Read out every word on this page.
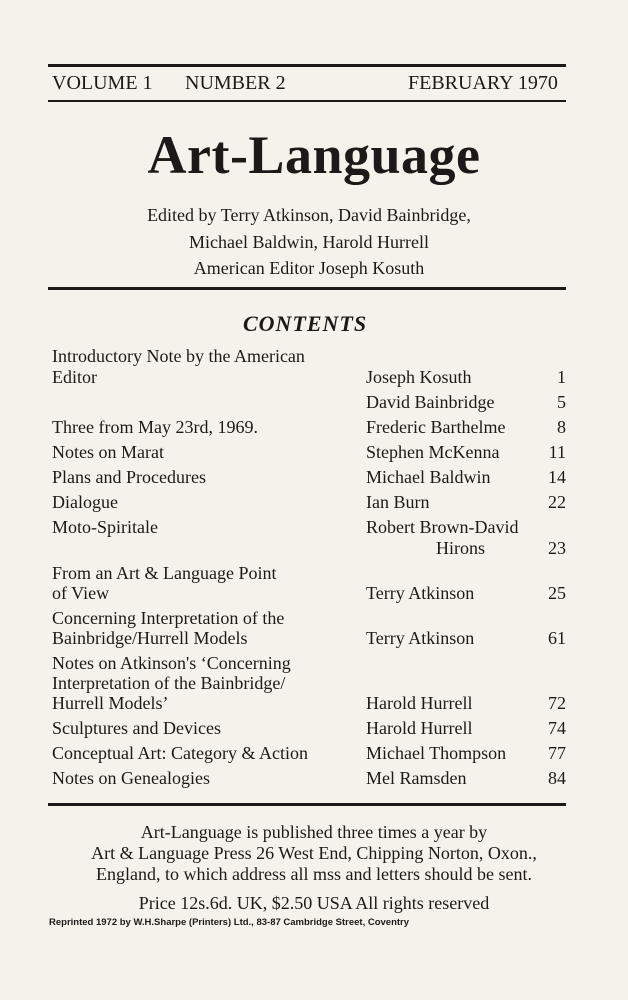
VOLUME 1 NUMBER 2	FEBRUARY 1970
Art-Language
Edited by Terry Atkinson, David Bainbridge,
Michael Baldwin, Harold Hurrell
American Editor Joseph Kosuth
CONTENTS
Introductory Note by the American
Editor
Three from May 23rd, 1969.
Notes on Marat
Plans and Procedures
Dialogue
Moto-Spiritale
From an Art & Language Point
of View
Concerning Interpretation of the
Bainbridge/Hurrell Models
Notes on Atkinson's ‘Concerning
Interpretation of the Bainbridge/
Hurrell Models’
Sculptures and Devices
Conceptual Art: Category & Action
Notes on Genealogies
Joseph Kosuth
David Bainbridge
Frederic Barthelme
Stephen McKenna
Michael Baldwin
Ian Burn
Robert Brown-David
Hirons
Terry Atkinson
Terry Atkinson
Harold Hurrell
Harold Hurrell
Michael Thompson
Mel Ramsden
1
5
8
11
14
22
23
25
61
72
74
77
84
Art-Language is published three times a year by
Art & Language Press 26 West End, Chipping Norton, Oxon.,
England, to which address all mss and letters should be sent.
Price 12s.6d. UK, $2.50 USA All rights reserved
Reprinted 1972 by W.H.Sharpe (Printers) Ltd., 83-87 Cambridge Street, Coventry
